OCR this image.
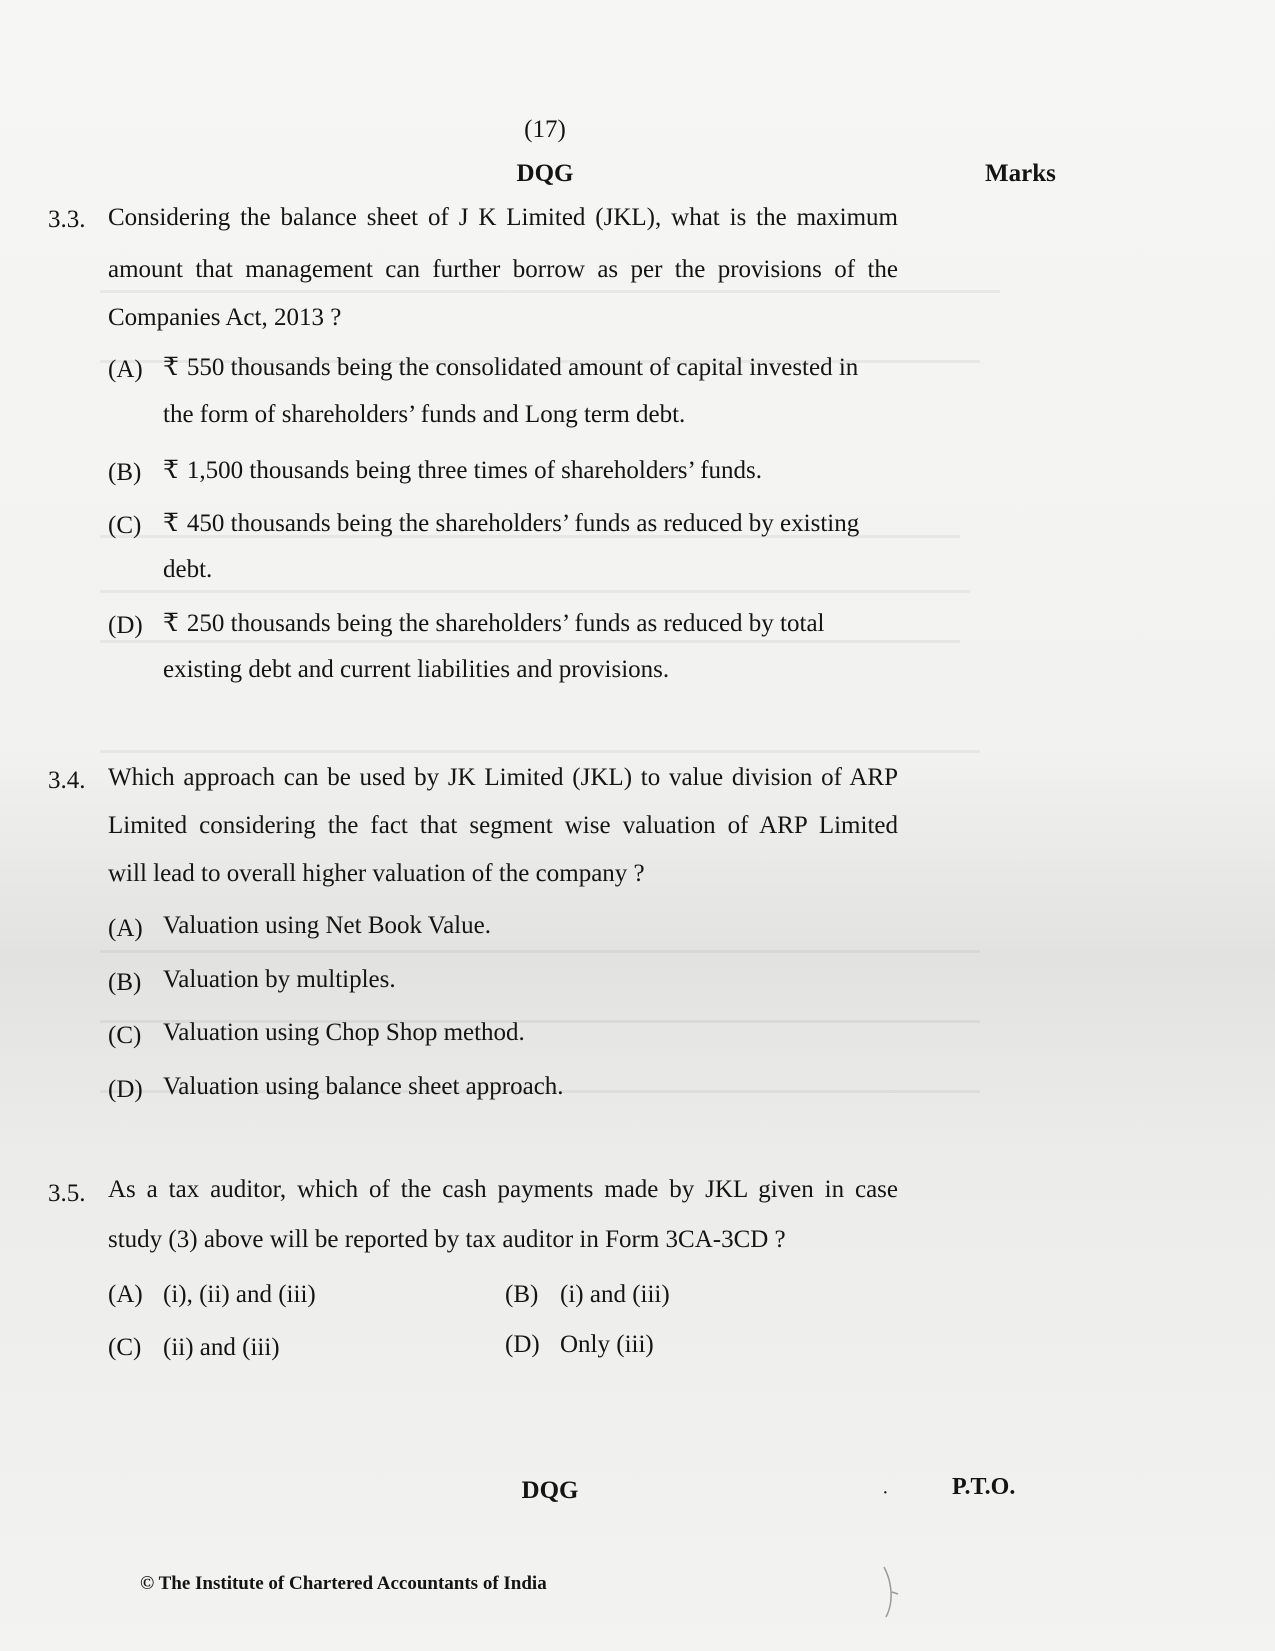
(17)
DQG	Marks
3.3. Considering the balance sheet of J K Limited (JKL), what is the maximum
amount that management can further borrow as per the provisions of the
Companies Act, 2013 ?
(A) ₹ 550 thousands being the consolidated amount of capital invested in
the form of shareholders’ funds and Long term debt.
(B) ₹ 1,500 thousands being three times of shareholders’ funds.
(C) ₹ 450 thousands being the shareholders’ funds as reduced by existing
debt.
(D) ₹ 250 thousands being the shareholders’ funds as reduced by total
existing debt and current liabilities and provisions.
3.4. Which approach can be used by JK Limited (JKL) to value division of ARP
Limited considering the fact that segment wise valuation of ARP Limited
will lead to overall higher valuation of the company ?
(A) Valuation using Net Book Value.
(B) Valuation by multiples.
(C) Valuation using Chop Shop method.
(D) Valuation using balance sheet approach.
3.5. As a tax auditor, which of the cash payments made by JKL given in case
study (3) above will be reported by tax auditor in Form 3CA-3CD ?
(A) (i), (ii) and (iii)	(B) (i) and (iii)
(C) (ii) and (iii)	(D) Only (iii)
DQG	·	P.T.O.
© The Institute of Chartered Accountants of India
